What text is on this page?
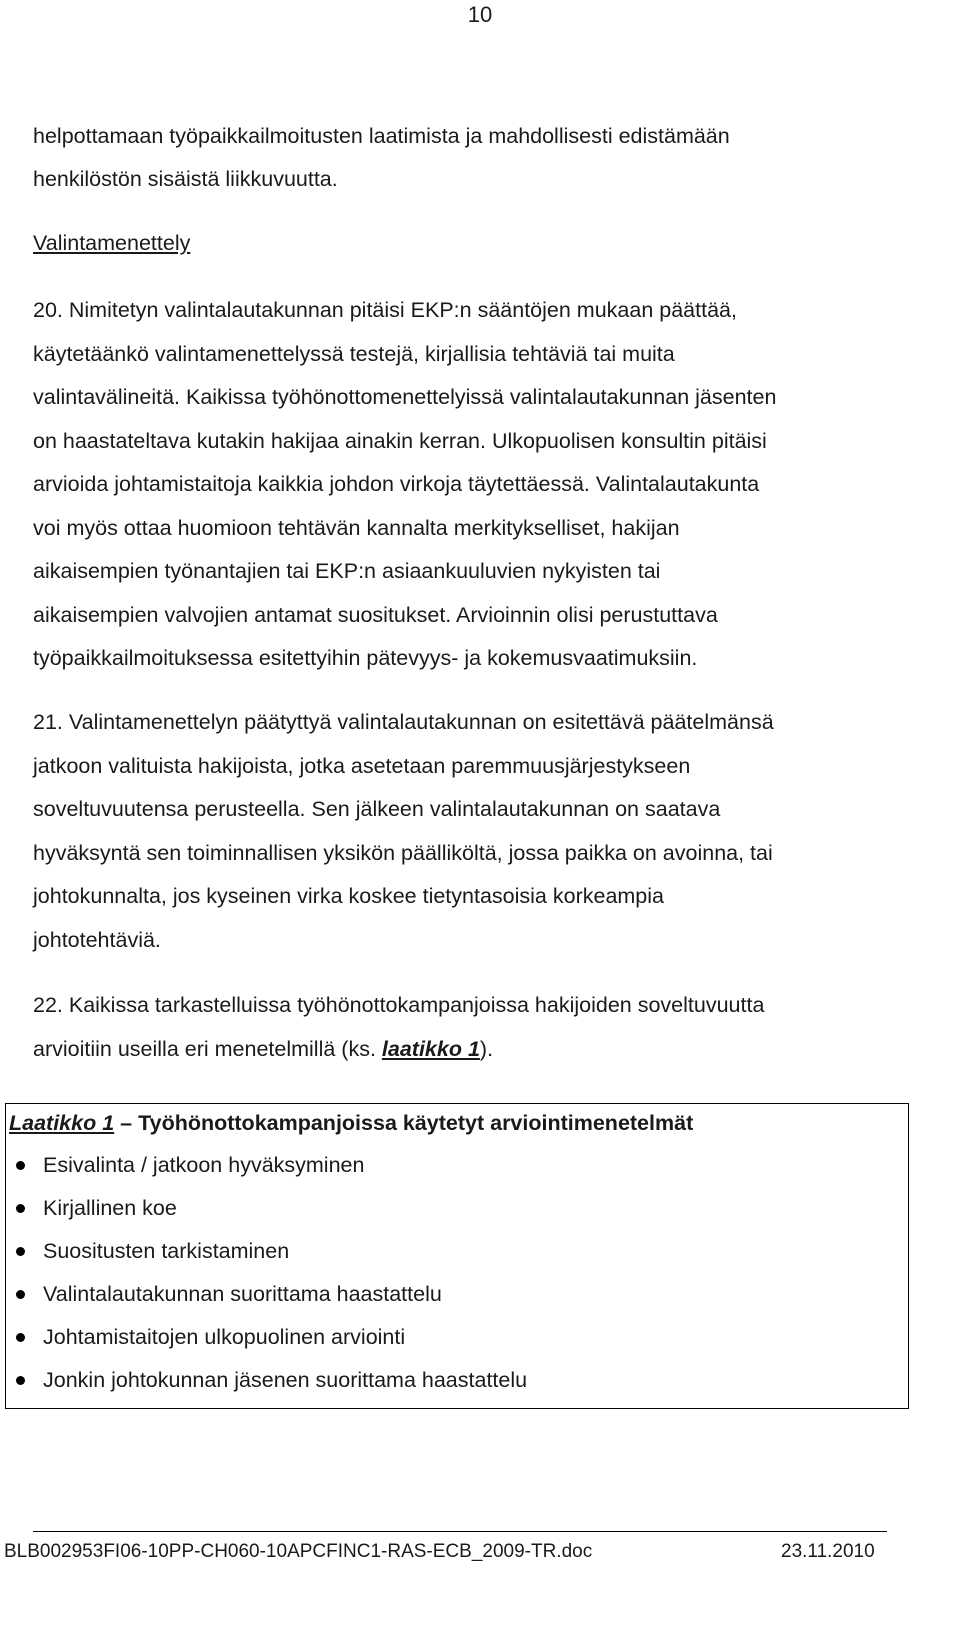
10
helpottamaan työpaikkailmoitusten laatimista ja mahdollisesti edistämään
henkilöstön sisäistä liikkuvuutta.
Valintamenettely
20. Nimitetyn valintalautakunnan pitäisi EKP:n sääntöjen mukaan päättää,
käytetäänkö valintamenettelyssä testejä, kirjallisia tehtäviä tai muita
valintavälineitä. Kaikissa työhönottomenettelyissä valintalautakunnan jäsenten
on haastateltava kutakin hakijaa ainakin kerran. Ulkopuolisen konsultin pitäisi
arvioida johtamistaitoja kaikkia johdon virkoja täytettäessä. Valintalautakunta
voi myös ottaa huomioon tehtävän kannalta merkitykselliset, hakijan
aikaisempien työnantajien tai EKP:n asiaankuuluvien nykyisten tai
aikaisempien valvojien antamat suositukset. Arvioinnin olisi perustuttava
työpaikkailmoituksessa esitettyihin pätevyys- ja kokemusvaatimuksiin.
21. Valintamenettelyn päätyttyä valintalautakunnan on esitettävä päätelmänsä
jatkoon valituista hakijoista, jotka asetetaan paremmuusjärjestykseen
soveltuvuutensa perusteella. Sen jälkeen valintalautakunnan on saatava
hyväksyntä sen toiminnallisen yksikön päälliköltä, jossa paikka on avoinna, tai
johtokunnalta, jos kyseinen virka koskee tietyntasoisia korkeampia
johtotehtäviä.
22. Kaikissa tarkastelluissa työhönottokampanjoissa hakijoiden soveltuvuutta
arvioitiin useilla eri menetelmillä (ks. laatikko 1).
Laatikko 1 – Työhönottokampanjoissa käytetyt arviointimenetelmät
Esivalinta / jatkoon hyväksyminen
Kirjallinen koe
Suositusten tarkistaminen
Valintalautakunnan suorittama haastattelu
Johtamistaitojen ulkopuolinen arviointi
Jonkin johtokunnan jäsenen suorittama haastattelu
BLB002953FI06-10PP-CH060-10APCFINC1-RAS-ECB_2009-TR.doc	23.11.2010
